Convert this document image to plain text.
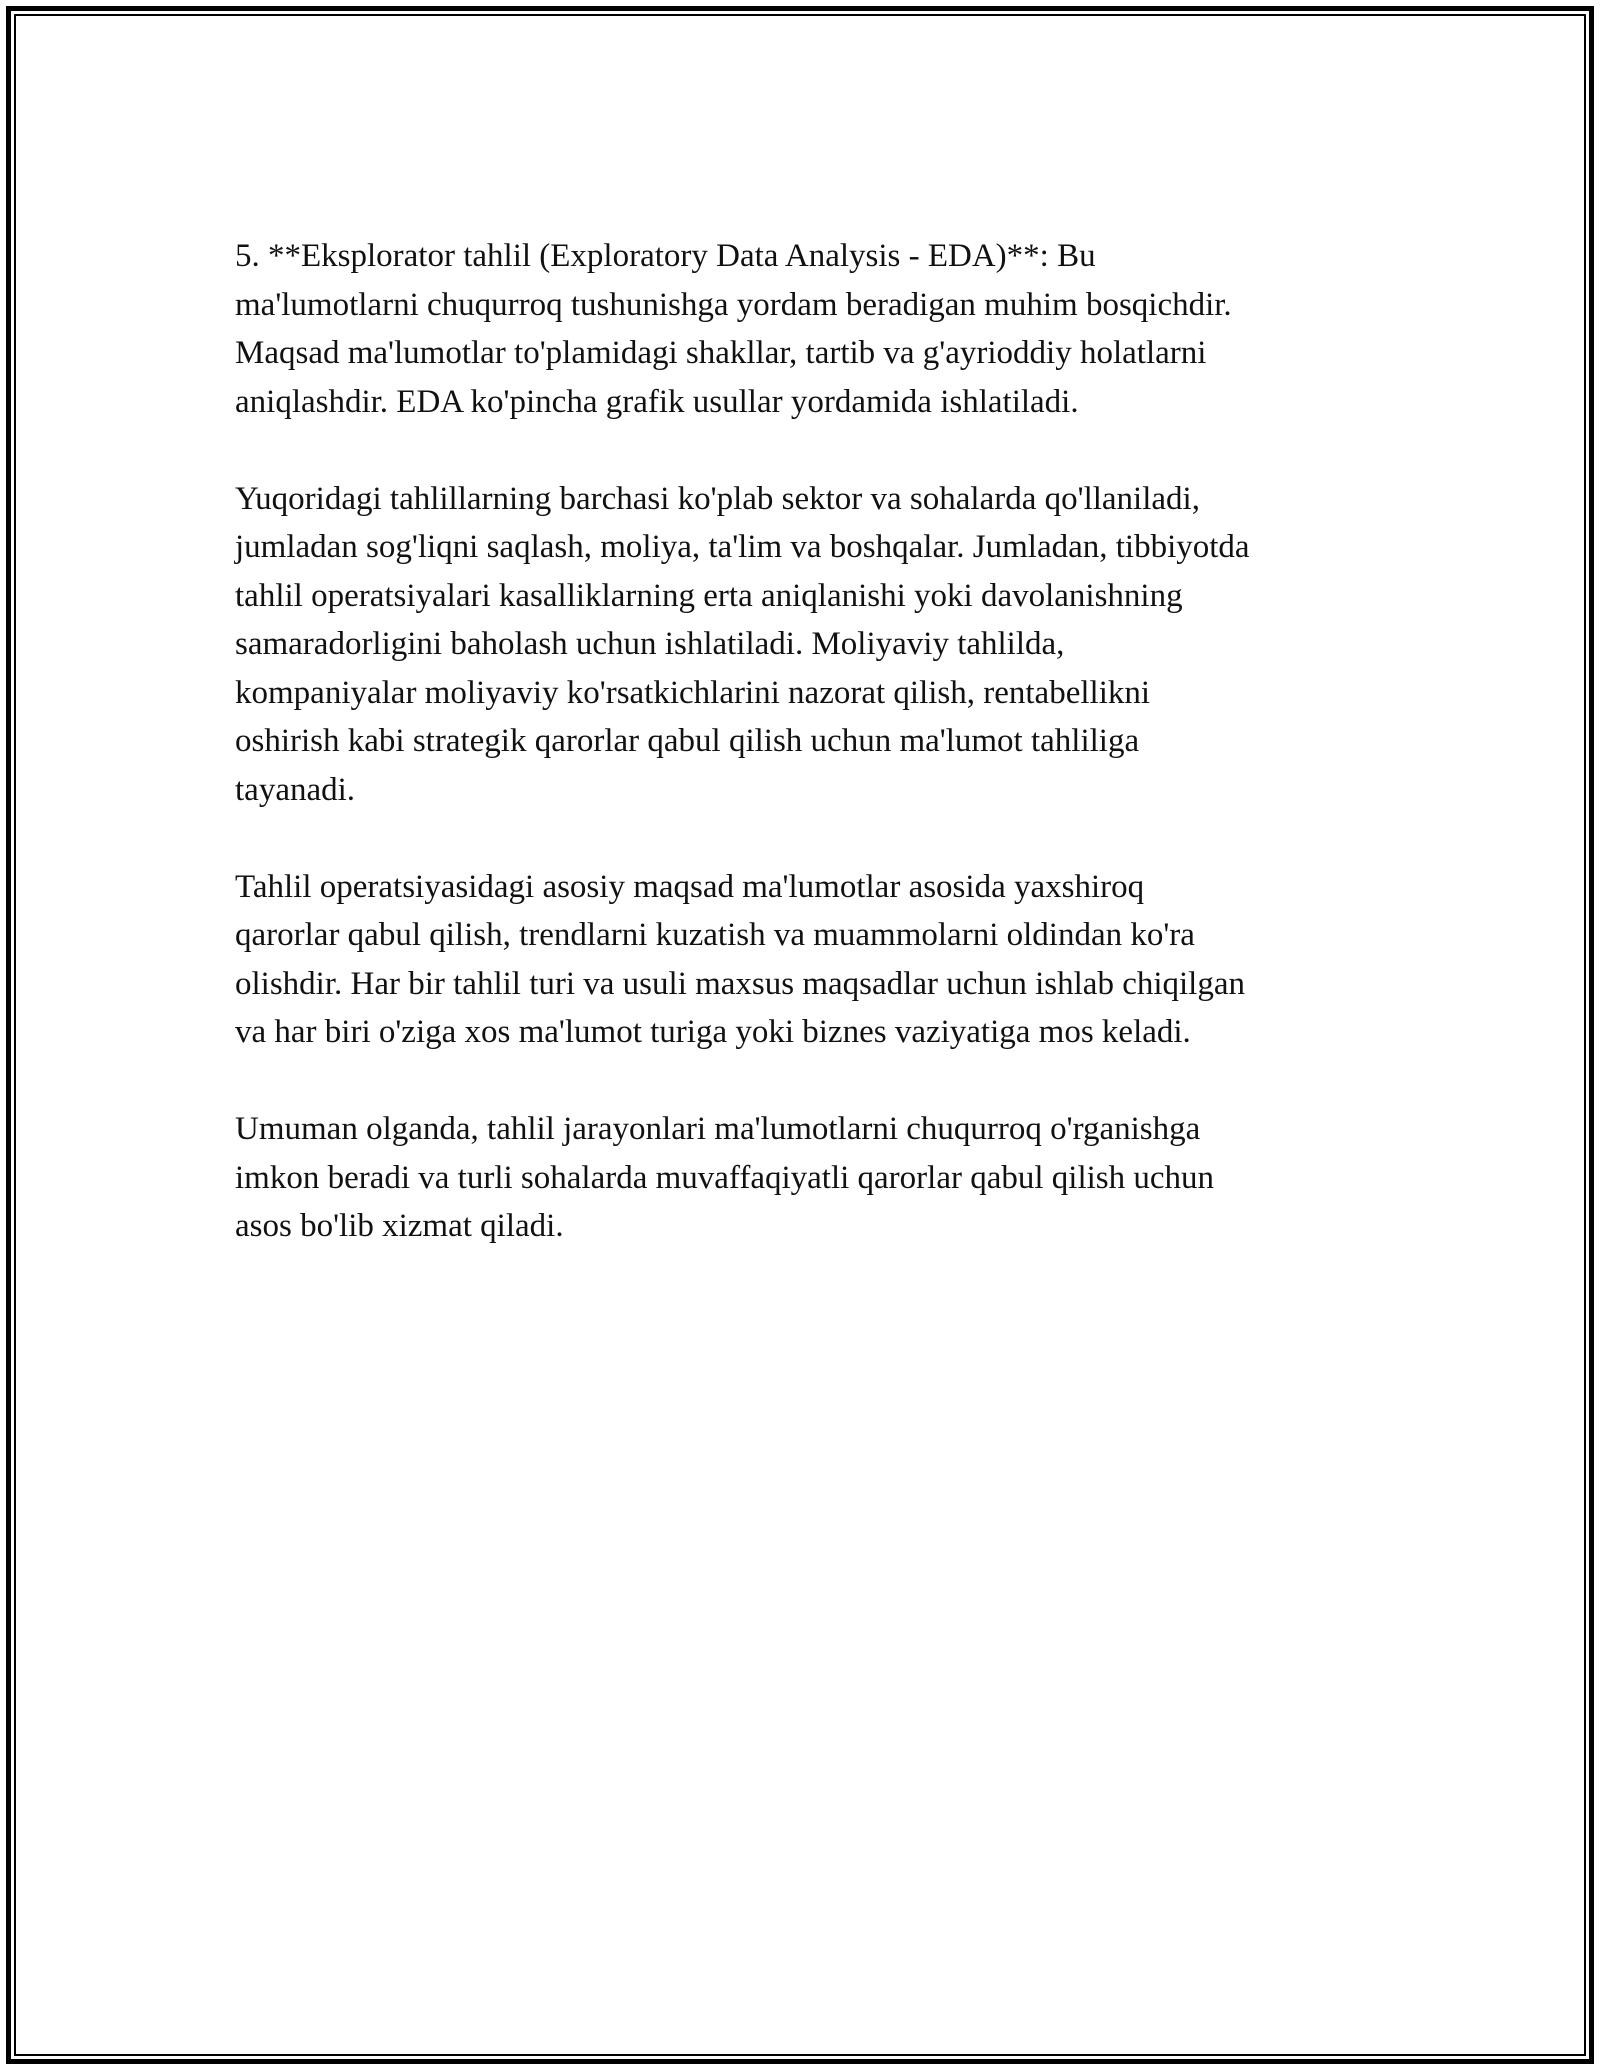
5. **Eksplorator tahlil (Exploratory Data Analysis - EDA)**: Bu
ma'lumotlarni chuqurroq tushunishga yordam beradigan muhim bosqichdir.
Maqsad ma'lumotlar to'plamidagi shakllar, tartib va g'ayrioddiy holatlarni
aniqlashdir. EDA ko'pincha grafik usullar yordamida ishlatiladi.

Yuqoridagi tahlillarning barchasi ko'plab sektor va sohalarda qo'llaniladi,
jumladan sog'liqni saqlash, moliya, ta'lim va boshqalar. Jumladan, tibbiyotda
tahlil operatsiyalari kasalliklarning erta aniqlanishi yoki davolanishning
samaradorligini baholash uchun ishlatiladi. Moliyaviy tahlilda,
kompaniyalar moliyaviy ko'rsatkichlarini nazorat qilish, rentabellikni
oshirish kabi strategik qarorlar qabul qilish uchun ma'lumot tahliliga
tayanadi.

Tahlil operatsiyasidagi asosiy maqsad ma'lumotlar asosida yaxshiroq
qarorlar qabul qilish, trendlarni kuzatish va muammolarni oldindan ko'ra
olishdir. Har bir tahlil turi va usuli maxsus maqsadlar uchun ishlab chiqilgan
va har biri o'ziga xos ma'lumot turiga yoki biznes vaziyatiga mos keladi.

Umuman olganda, tahlil jarayonlari ma'lumotlarni chuqurroq o'rganishga
imkon beradi va turli sohalarda muvaffaqiyatli qarorlar qabul qilish uchun
asos bo'lib xizmat qiladi.
